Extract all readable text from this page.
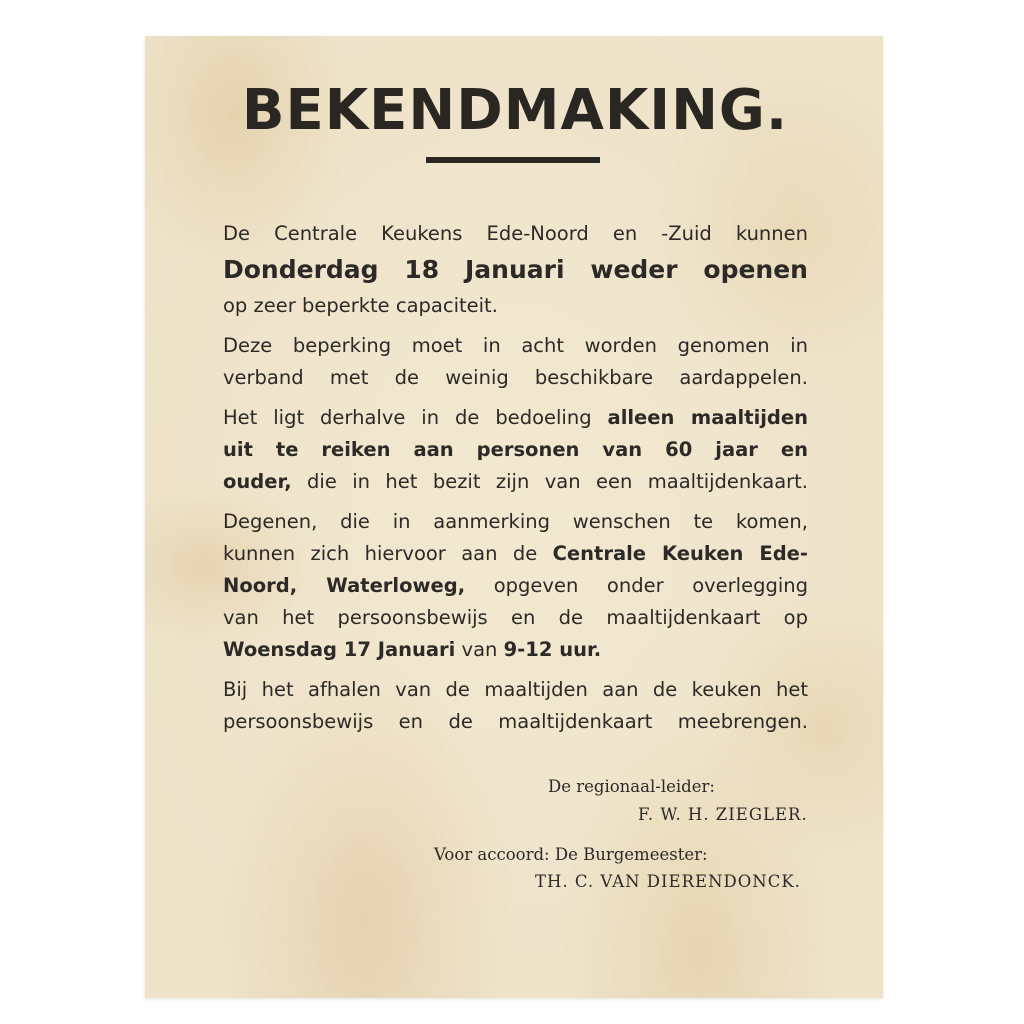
BEKENDMAKING.

De Centrale Keukens Ede-Noord en -Zuid kunnen

Donderdag 18 Januari weder openen

op zeer beperkte capaciteit.

Deze beperking moet in acht worden genomen in

verband met de weinig beschikbare aardappelen.

Het ligt derhalve in de bedoeling alleen maaltijden

uit te reiken aan personen van 60 jaar en

ouder, die in het bezit zijn van een maaltijdenkaart.

Degenen, die in aanmerking wenschen te komen,

kunnen zich hiervoor aan de Centrale Keuken Ede-

Noord, Waterloweg, opgeven onder overlegging

van het persoonsbewijs en de maaltijdenkaart op

Woensdag 17 Januari van 9-12 uur.

Bij het afhalen van de maaltijden aan de keuken het

persoonsbewijs en de maaltijdenkaart meebrengen.

De regionaal-leider:
F. W. H. ZIEGLER.
Voor accoord: De Burgemeester:
TH. C. VAN DIERENDONCK.
